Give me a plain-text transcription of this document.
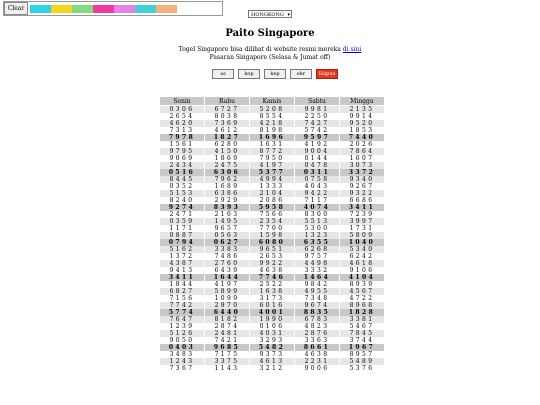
Clear
HONGKONG ▾
Paito Singapore
Togel Singapore bisa dilihat di website resmi mereka di sini
Pasaran Singapore (Selasa & Jumat off)
as	kop	kep	ekr	Hapus
Senin	Rabu	Kamis	Sabtu	Minggu
0306	6727	5208	9981	2135
2654	8038	8554	2250	9914
4620	7369	4218	7427	9520
7313	4612	8198	5742	1853
7978	1827	1696	9597	7440
1561	6280	1631	4192	2026
9795	4150	8772	9004	7864
9069	1869	7950	0144	1607
2434	2475	4197	0478	3073
0516	6306	5377	0311	3372
8445	7962	4994	0758	9340
0352	1689	1333	4043	9267
5153	6386	2104	9422	9322
8240	2929	2086	7117	6686
9274	8393	5958	4074	3411
2471	2163	7566	8300	7239
0359	1495	2354	5513	3997
1171	9657	7700	5300	1731
0887	0563	1598	1323	5809
0794	0627	6080	6355	1040
5162	3383	9651	6268	5340
1372	7486	2653	9757	6242
4387	2760	9922	4498	4618
9413	6439	4638	3332	9106
3411	1644	7746	1464	4104
1844	4197	2522	9842	8939
6827	5899	1638	4955	4567
7156	1099	3173	7348	4722
7742	2970	6016	9674	8968
5774	6440	4001	8835	1828
7647	8182	1990	6783	3381
1239	2874	0106	4823	5467
5126	2481	4031	2876	7845
9050	7421	3293	3363	3744
0403	9685	5482	8661	1967
3483	7175	9373	4638	8957
1243	3375	4613	2231	5489
7367	1143	3212	9006	5376
